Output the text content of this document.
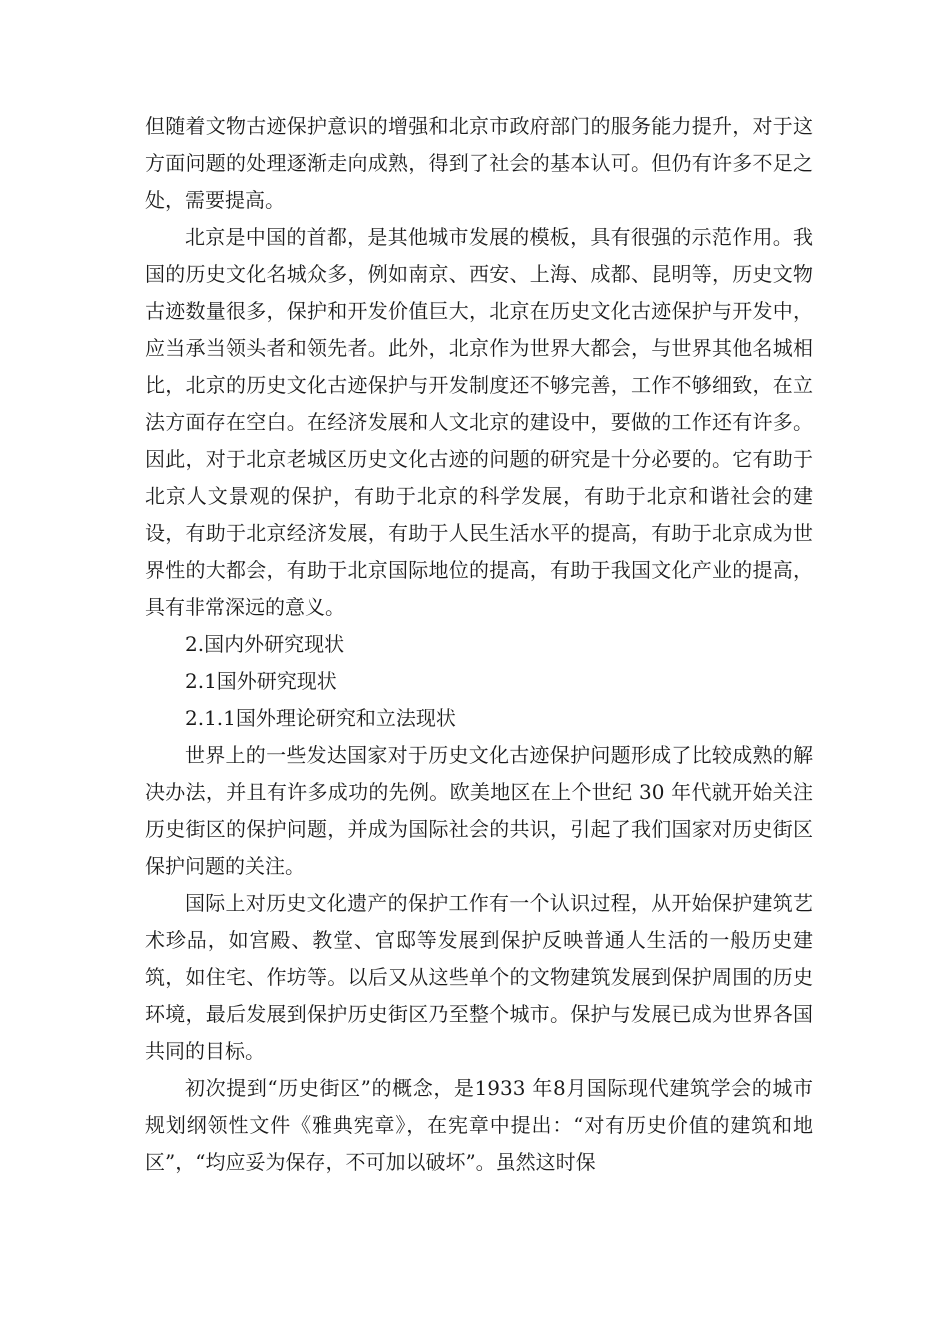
但随着文物古迹保护意识的增强和北京市政府部门的服务能力提升，对于这方面问题的处理逐渐走向成熟，得到了社会的基本认可。但仍有许多不足之处，需要提高。

北京是中国的首都，是其他城市发展的模板，具有很强的示范作用。我国的历史文化名城众多，例如南京、西安、上海、成都、昆明等，历史文物古迹数量很多，保护和开发价值巨大，北京在历史文化古迹保护与开发中，应当承当领头者和领先者。此外，北京作为世界大都会，与世界其他名城相比，北京的历史文化古迹保护与开发制度还不够完善，工作不够细致，在立法方面存在空白。在经济发展和人文北京的建设中，要做的工作还有许多。因此，对于北京老城区历史文化古迹的问题的研究是十分必要的。它有助于北京人文景观的保护，有助于北京的科学发展，有助于北京和谐社会的建设，有助于北京经济发展，有助于人民生活水平的提高，有助于北京成为世界性的大都会，有助于北京国际地位的提高，有助于我国文化产业的提高，具有非常深远的意义。

2.国内外研究现状

2.1国外研究现状

2.1.1国外理论研究和立法现状

世界上的一些发达国家对于历史文化古迹保护问题形成了比较成熟的解决办法，并且有许多成功的先例。欧美地区在上个世纪 30 年代就开始关注历史街区的保护问题，并成为国际社会的共识，引起了我们国家对历史街区保护问题的关注。

国际上对历史文化遗产的保护工作有一个认识过程，从开始保护建筑艺术珍品，如宫殿、教堂、官邸等发展到保护反映普通人生活的一般历史建筑，如住宅、作坊等。以后又从这些单个的文物建筑发展到保护周围的历史环境，最后发展到保护历史街区乃至整个城市。保护与发展已成为世界各国共同的目标。

初次提到“历史街区”的概念，是1933 年8月国际现代建筑学会的城市规划纲领性文件《雅典宪章》，在宪章中提出：“对有历史价值的建筑和地区”，“均应妥为保存，不可加以破坏”。虽然这时保
